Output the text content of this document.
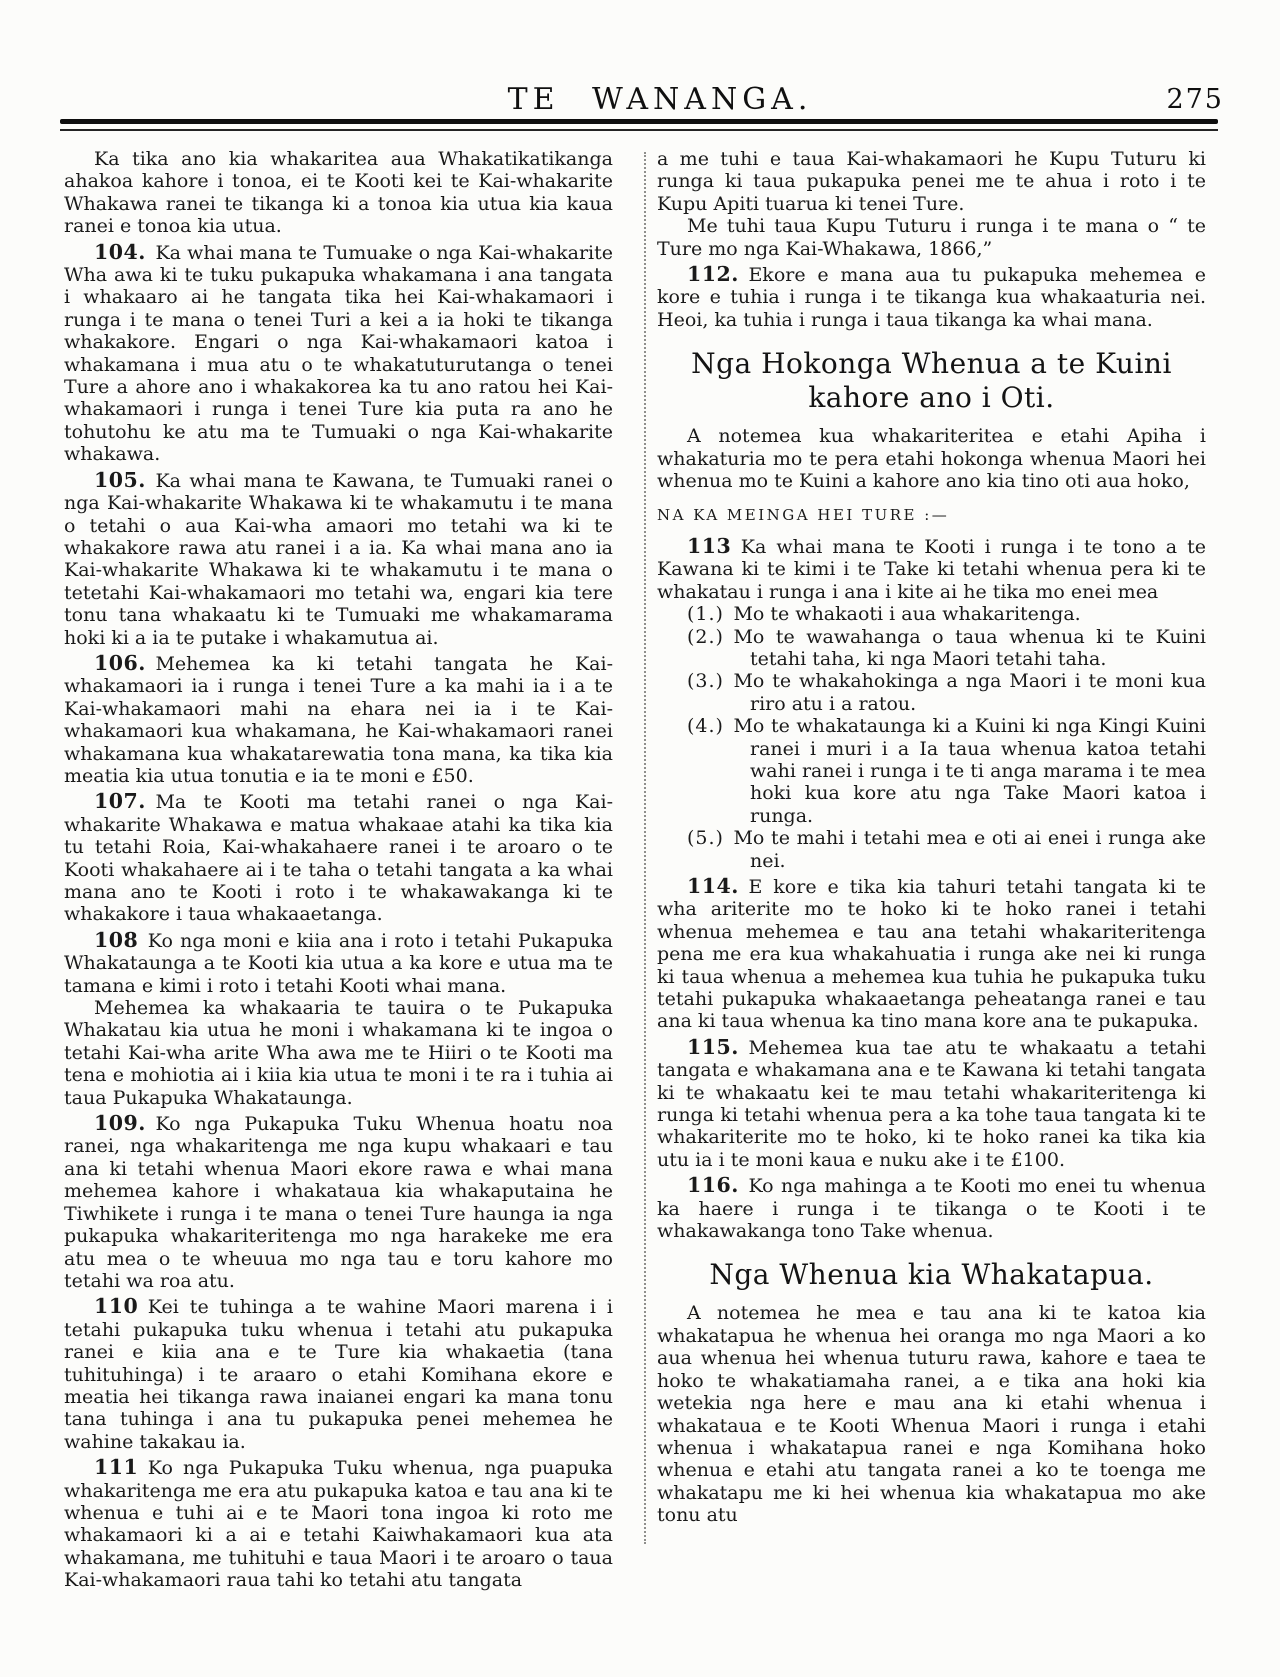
TE WANANGA.	275

Ka tika ano kia whakaritea aua Whakatikatikanga ahakoa kahore i tonoa, ei te Kooti kei te Kai-whakarite Whakawa ranei te tikanga ki a tonoa kia utua kia kaua ranei e tonoa kia utua.

104. Ka whai mana te Tumuake o nga Kai-whakarite Wha awa ki te tuku pukapuka whakamana i ana tangata i whakaaro ai he tangata tika hei Kai-whakamaori i runga i te mana o tenei Turi a kei a ia hoki te tikanga whakakore. Engari o nga Kai-whakamaori katoa i whakamana i mua atu o te whakatuturutanga o tenei Ture a ahore ano i whakakorea ka tu ano ratou hei Kai-whakamaori i runga i tenei Ture kia puta ra ano he tohutohu ke atu ma te Tumuaki o nga Kai-whakarite whakawa.

105. Ka whai mana te Kawana, te Tumuaki ranei o nga Kai-whakarite Whakawa ki te whakamutu i te mana o tetahi o aua Kai-wha amaori mo tetahi wa ki te whakakore rawa atu ranei i a ia. Ka whai mana ano ia Kai-whakarite Whakawa ki te whakamutu i te mana o tetetahi Kai-whakamaori mo tetahi wa, engari kia tere tonu tana whakaatu ki te Tumuaki me whakamarama hoki ki a ia te putake i whakamutua ai.

106. Mehemea ka ki tetahi tangata he Kai-whakamaori ia i runga i tenei Ture a ka mahi ia i a te Kai-whakamaori mahi na ehara nei ia i te Kai-whakamaori kua whakamana, he Kai-whakamaori ranei whakamana kua whakatarewatia tona mana, ka tika kia meatia kia utua tonutia e ia te moni e £50.

107. Ma te Kooti ma tetahi ranei o nga Kai-whakarite Whakawa e matua whakaae atahi ka tika kia tu tetahi Roia, Kai-whakahaere ranei i te aroaro o te Kooti whakahaere ai i te taha o tetahi tangata a ka whai mana ano te Kooti i roto i te whakawakanga ki te whakakore i taua whakaaetanga.

108 Ko nga moni e kiia ana i roto i tetahi Pukapuka Whakataunga a te Kooti kia utua a ka kore e utua ma te tamana e kimi i roto i tetahi Kooti whai mana.

Mehemea ka whakaaria te tauira o te Pukapuka Whakatau kia utua he moni i whakamana ki te ingoa o tetahi Kai-wha arite Wha awa me te Hiiri o te Kooti ma tena e mohiotia ai i kiia kia utua te moni i te ra i tuhia ai taua Pukapuka Whakataunga.

109. Ko nga Pukapuka Tuku Whenua hoatu noa ranei, nga whakaritenga me nga kupu whakaari e tau ana ki tetahi whenua Maori ekore rawa e whai mana mehemea kahore i whakataua kia whakaputaina he Tiwhikete i runga i te mana o tenei Ture haunga ia nga pukapuka whakariteritenga mo nga harakeke me era atu mea o te wheuua mo nga tau e toru kahore mo tetahi wa roa atu.

110 Kei te tuhinga a te wahine Maori marena i i tetahi pukapuka tuku whenua i tetahi atu pukapuka ranei e kiia ana e te Ture kia whakaetia (tana tuhituhinga) i te araaro o etahi Komihana ekore e meatia hei tikanga rawa inaianei engari ka mana tonu tana tuhinga i ana tu pukapuka penei mehemea he wahine takakau ia.

111 Ko nga Pukapuka Tuku whenua, nga puapuka whakaritenga me era atu pukapuka katoa e tau ana ki te whenua e tuhi ai e te Maori tona ingoa ki roto me whakamaori ki a ai e tetahi Kaiwhakamaori kua ata whakamana, me tuhituhi e taua Maori i te aroaro o taua Kai-whakamaori raua tahi ko tetahi atu tangata

a me tuhi e taua Kai-whakamaori he Kupu Tuturu ki runga ki taua pukapuka penei me te ahua i roto i te Kupu Apiti tuarua ki tenei Ture.

Me tuhi taua Kupu Tuturu i runga i te mana o “ te Ture mo nga Kai-Whakawa, 1866,”

112. Ekore e mana aua tu pukapuka mehemea e kore e tuhia i runga i te tikanga kua whakaaturia nei. Heoi, ka tuhia i runga i taua tikanga ka whai mana.

Nga Hokonga Whenua a te Kuini kahore ano i Oti.

A notemea kua whakariteritea e etahi Apiha i whakaturia mo te pera etahi hokonga whenua Maori hei whenua mo te Kuini a kahore ano kia tino oti aua hoko,

NA KA MEINGA HEI TURE :—

113 Ka whai mana te Kooti i runga i te tono a te Kawana ki te kimi i te Take ki tetahi whenua pera ki te whakatau i runga i ana i kite ai he tika mo enei mea

(1.) Mo te whakaoti i aua whakaritenga.
(2.) Mo te wawahanga o taua whenua ki te Kuini tetahi taha, ki nga Maori tetahi taha.
(3.) Mo te whakahokinga a nga Maori i te moni kua riro atu i a ratou.
(4.) Mo te whakataunga ki a Kuini ki nga Kingi Kuini ranei i muri i a Ia taua whenua katoa tetahi wahi ranei i runga i te ti anga marama i te mea hoki kua kore atu nga Take Maori katoa i runga.
(5.) Mo te mahi i tetahi mea e oti ai enei i runga ake nei.

114. E kore e tika kia tahuri tetahi tangata ki te wha ariterite mo te hoko ki te hoko ranei i tetahi whenua mehemea e tau ana tetahi whakariteritenga pena me era kua whakahuatia i runga ake nei ki runga ki taua whenua a mehemea kua tuhia he pukapuka tuku tetahi pukapuka whakaaetanga peheatanga ranei e tau ana ki taua whenua ka tino mana kore ana te pukapuka.

115. Mehemea kua tae atu te whakaatu a tetahi tangata e whakamana ana e te Kawana ki tetahi tangata ki te whakaatu kei te mau tetahi whakariteritenga ki runga ki tetahi whenua pera a ka tohe taua tangata ki te whakariterite mo te hoko, ki te hoko ranei ka tika kia utu ia i te moni kaua e nuku ake i te £100.

116. Ko nga mahinga a te Kooti mo enei tu whenua ka haere i runga i te tikanga o te Kooti i te whakawakanga tono Take whenua.

Nga Whenua kia Whakatapua.

A notemea he mea e tau ana ki te katoa kia whakatapua he whenua hei oranga mo nga Maori a ko aua whenua hei whenua tuturu rawa, kahore e taea te hoko te whakatiamaha ranei, a e tika ana hoki kia wetekia nga here e mau ana ki etahi whenua i whakataua e te Kooti Whenua Maori i runga i etahi whenua i whakatapua ranei e nga Komihana hoko whenua e etahi atu tangata ranei a ko te toenga me whakatapu me ki hei whenua kia whakatapua mo ake tonu atu
